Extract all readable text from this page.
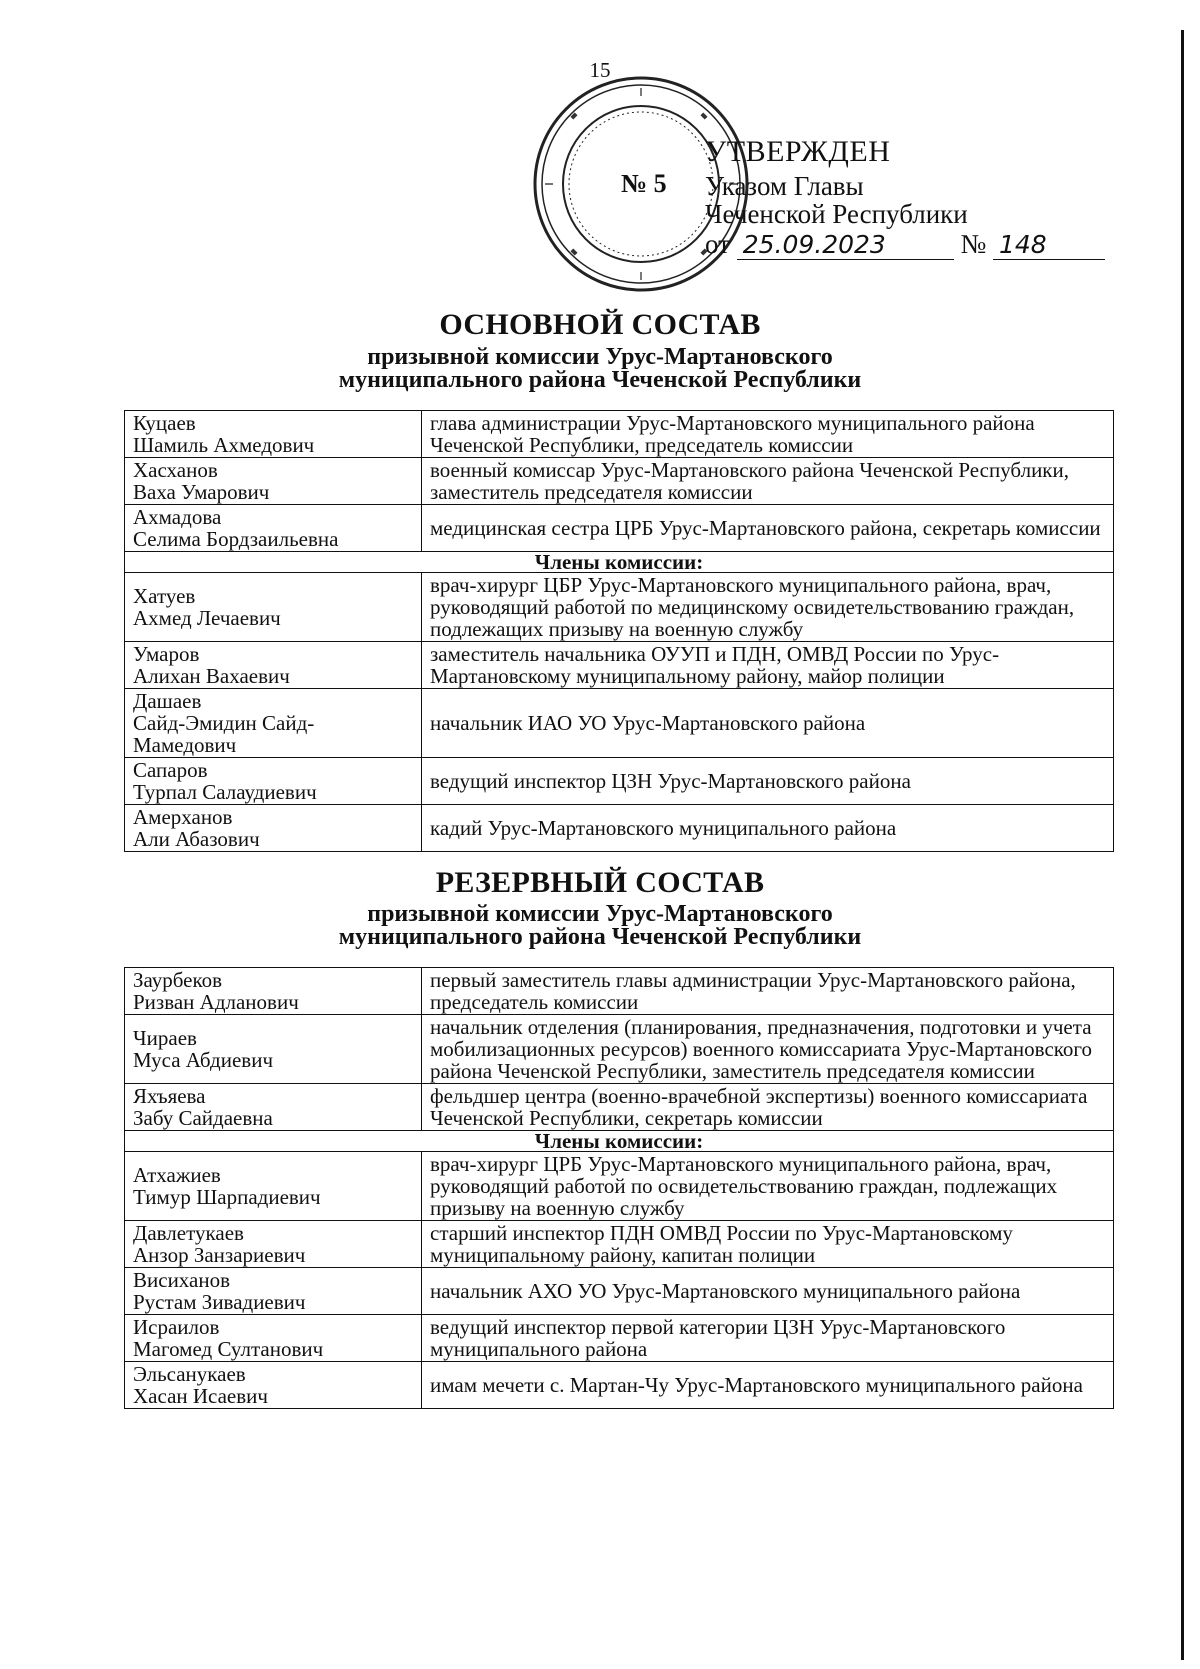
15
№ 5
УТВЕРЖДЕН
Указом Главы
Чеченской Республики
от 25.09.2023	№ 148
ОСНОВНОЙ СОСТАВ
призывной комиссии Урус-Мартановского
муниципального района Чеченской Республики
Куцаев
Шамиль Ахмедович	глава администрации Урус-Мартановского муниципального района Чеченской Республики, председатель комиссии

Хасханов
Ваха Умарович	военный комиссар Урус-Мартановского района Чеченской Республики, заместитель председателя комиссии

Ахмадова
Селима Бордзаильевна	медицинская сестра ЦРБ Урус-Мартановского района, секретарь комиссии
Члены комиссии:	

Хатуев
Ахмед Лечаевич	врач-хирург ЦБР Урус-Мартановского муниципального района, врач, руководящий работой по медицинскому освидетельствованию граждан, подлежащих призыву на военную службу

Умаров
Алихан Вахаевич	заместитель начальника ОУУП и ПДН, ОМВД России по Урус-Мартановскому муниципальному району, майор полиции

Дашаев
Сайд-Эмидин Сайд-Мамедович	начальник ИАО УО Урус-Мартановского района

Сапаров
Турпал Салаудиевич	ведущий инспектор ЦЗН Урус-Мартановского района

Амерханов
Али Абазович	кадий Урус-Мартановского муниципального района
РЕЗЕРВНЫЙ СОСТАВ
призывной комиссии Урус-Мартановского
муниципального района Чеченской Республики
Заурбеков
Ризван Адланович	первый заместитель главы администрации Урус-Мартановского района, председатель комиссии

Чираев
Муса Абдиевич	начальник отделения (планирования, предназначения, подготовки и учета мобилизационных ресурсов) военного комиссариата Урус-Мартановского района Чеченской Республики, заместитель председателя комиссии

Яхъяева
Забу Сайдаевна	фельдшер центра (военно-врачебной экспертизы) военного комиссариата Чеченской Республики, секретарь комиссии
Члены комиссии:	

Атхажиев
Тимур Шарпадиевич	врач-хирург ЦРБ Урус-Мартановского муниципального района, врач, руководящий работой по освидетельствованию граждан, подлежащих призыву на военную службу

Давлетукаев
Анзор Занзариевич	старший инспектор ПДН ОМВД России по Урус-Мартановскому муниципальному району, капитан полиции

Висиханов
Рустам Зивадиевич	начальник АХО УО Урус-Мартановского муниципального района

Исраилов
Магомед Султанович	ведущий инспектор первой категории ЦЗН Урус-Мартановского муниципального района

Эльсанукаев
Хасан Исаевич	имам мечети с. Мартан-Чу Урус-Мартановского муниципального района
